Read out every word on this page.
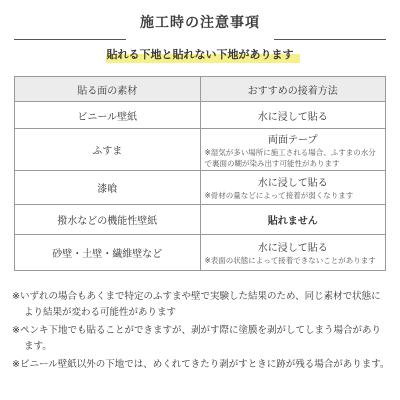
施工時の注意事項
貼れる下地と貼れない下地があります
貼る面の素材	おすすめの接着方法
ビニール壁紙	水に浸して貼る

ふすま	両面テープ
※湿気が多い場所に施工される場合、ふすまの水分で裏面の糊が染み出す可能性があります

漆喰	水に浸して貼る
※骨材の量などによって接着が弱くなります

撥水などの機能性壁紙	貼れません

砂壁・土壁・繊維壁など	水に浸して貼る
※表面の状態によって接着できないことがあります

※いずれの場合もあくまで特定のふすまや壁で実験した結果のため、同じ素材で状態により結果が変わる可能性があります

※ペンキ下地でも貼ることができますが、剥がす際に塗膜を剥がしてしまう場合があります。

※ビニール壁紙以外の下地では、めくれてきたり剥がすときに跡が残る場合があります。
